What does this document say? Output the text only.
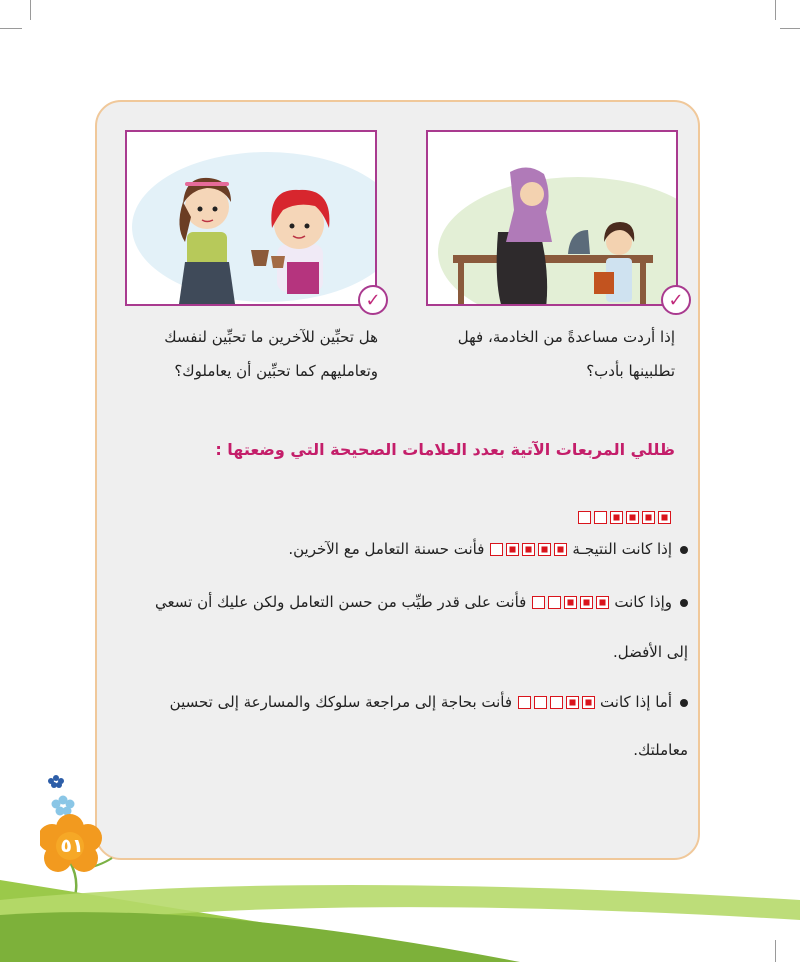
✓	✓
هل تحبِّين للآخرين ما تحبِّين لنفسك
وتعامليهم كما تحبِّين أن يعاملوك؟
إذا أردت مساعدةً من الخادمة، فهل
تطلبينها بأدب؟
ظللي المربعات الآتية بعدد العلامات الصحيحة التي وضعتها :
إذا كانت النتيجـةفأنت حسنة التعامل مع الآخرين.
وإذا كانتفأنت على قدر طيِّب من حسن التعامل ولكن عليك أن تسعي
إلى الأفضل.
أما إذا كانتفأنت بحاجة إلى مراجعة سلوكك والمسارعة إلى تحسين
معاملتك.
٥١
